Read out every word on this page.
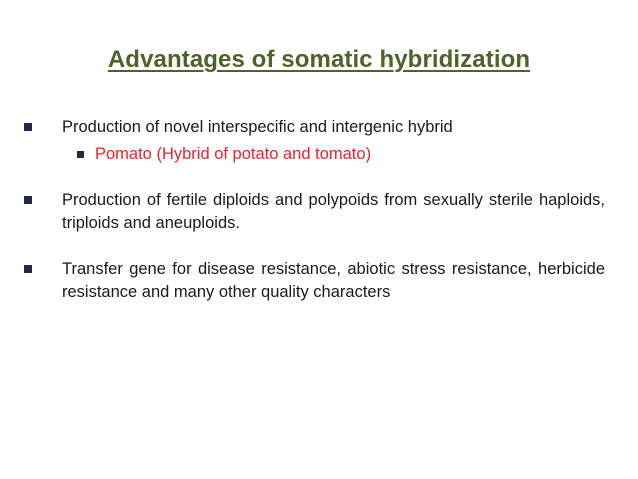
Advantages of somatic hybridization
Production of novel interspecific and intergenic hybrid
Pomato (Hybrid of potato and tomato)
Production of fertile diploids and polypoids from sexually sterile haploids, triploids and aneuploids.
Transfer gene for disease resistance, abiotic stress resistance, herbicide resistance and many other quality characters
